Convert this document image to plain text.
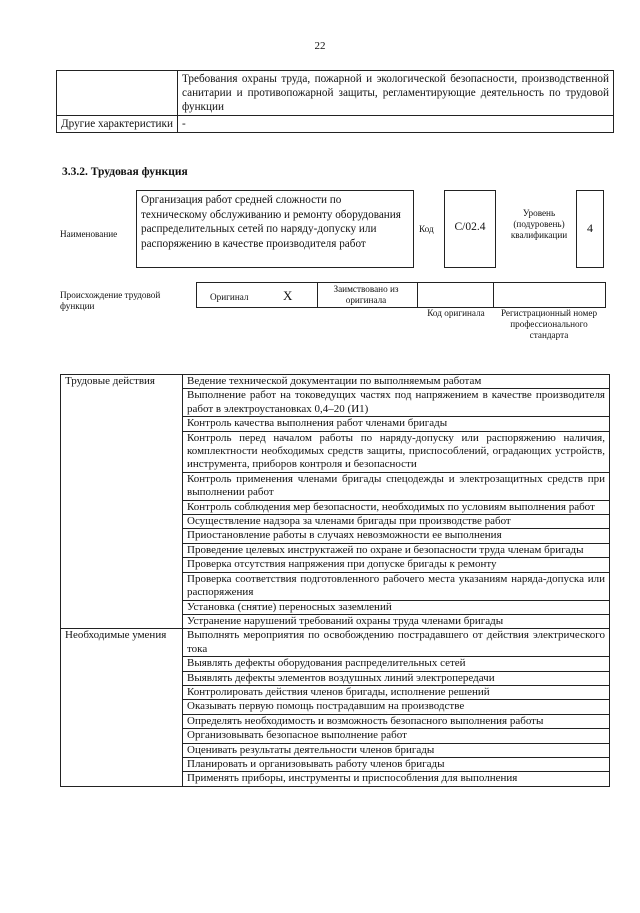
22
	Требования охраны труда, пожарной и экологической безопасности, производственной санитарии и противопожарной защиты, регламентирующие деятельность по трудовой функции
Другие характеристики	-
3.3.2. Трудовая функция
Наименование
Организация работ средней сложности по техническому обслуживанию и ремонту оборудования распределительных сетей по наряду-допуску или распоряжению в качестве производителя работ
Код	C/02.4
Уровень (подуровень) квалификации	4
Происхождение трудовой функции
Оригинал	X	Заимствовано из оригинала
Код оригинала	Регистрационный номер профессионального стандарта
Трудовые действия	Ведение технической документации по выполняемым работам
	Выполнение работ на токоведущих частях под напряжением в качестве производителя работ в электроустановках 0,4–20 (И1)
	Контроль качества выполнения работ членами бригады
	Контроль перед началом работы по наряду-допуску или распоряжению наличия, комплектности необходимых средств защиты, приспособлений, оградающих устройств, инструмента, приборов контроля и безопасности
	Контроль применения членами бригады спецодежды и электрозащитных средств при выполнении работ
	Контроль соблюдения мер безопасности, необходимых по условиям выполнения работ
	Осуществление надзора за членами бригады при производстве работ
	Приостановление работы в случаях невозможности ее выполнения
	Проведение целевых инструктажей по охране и безопасности труда членам бригады
	Проверка отсутствия напряжения при допуске бригады к ремонту
	Проверка соответствия подготовленного рабочего места указаниям наряда-допуска или распоряжения
	Установка (снятие) переносных заземлений
	Устранение нарушений требований охраны труда членами бригады
Необходимые умения	Выполнять мероприятия по освобождению пострадавшего от действия электрического тока
	Выявлять дефекты оборудования распределительных сетей
	Выявлять дефекты элементов воздушных линий электропередачи
	Контролировать действия членов бригады, исполнение решений
	Оказывать первую помощь пострадавшим на производстве
	Определять необходимость и возможность безопасного выполнения работы
	Организовывать безопасное выполнение работ
	Оценивать результаты деятельности членов бригады
	Планировать и организовывать работу членов бригады
	Применять приборы, инструменты и приспособления для выполнения
